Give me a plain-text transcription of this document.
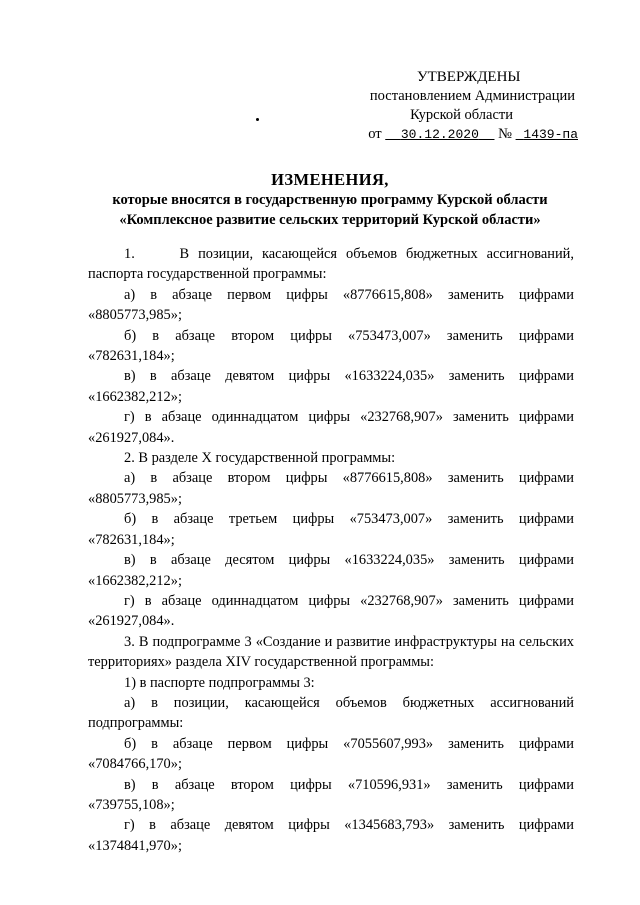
УТВЕРЖДЕНЫ
постановлением Администрации
Курской области
от 30.12.2020 № 1439-па
ИЗМЕНЕНИЯ,
которые вносятся в государственную программу Курской области
«Комплексное развитие сельских территорий Курской области»

1.     В позиции, касающейся объемов бюджетных ассигнований, паспорта государственной программы:

а) в абзаце первом цифры «8776615,808» заменить цифрами «8805773,985»;

б) в абзаце втором цифры «753473,007» заменить цифрами «782631,184»;

в) в абзаце девятом цифры «1633224,035» заменить цифрами «1662382,212»;

г) в абзаце одиннадцатом цифры «232768,907» заменить цифрами «261927,084».

2. В разделе X государственной программы:

а) в абзаце втором цифры «8776615,808» заменить цифрами «8805773,985»;

б) в абзаце третьем цифры «753473,007» заменить цифрами «782631,184»;

в) в абзаце десятом цифры «1633224,035» заменить цифрами «1662382,212»;

г) в абзаце одиннадцатом цифры «232768,907» заменить цифрами «261927,084».

3. В подпрограмме 3 «Создание и развитие инфраструктуры на сельских территориях» раздела XIV государственной программы:

1) в паспорте подпрограммы 3:

а) в позиции, касающейся объемов бюджетных ассигнований подпрограммы:

б) в абзаце первом цифры «7055607,993» заменить цифрами «7084766,170»;

в) в абзаце втором цифры «710596,931» заменить цифрами «739755,108»;

г) в абзаце девятом цифры «1345683,793» заменить цифрами «1374841,970»;
